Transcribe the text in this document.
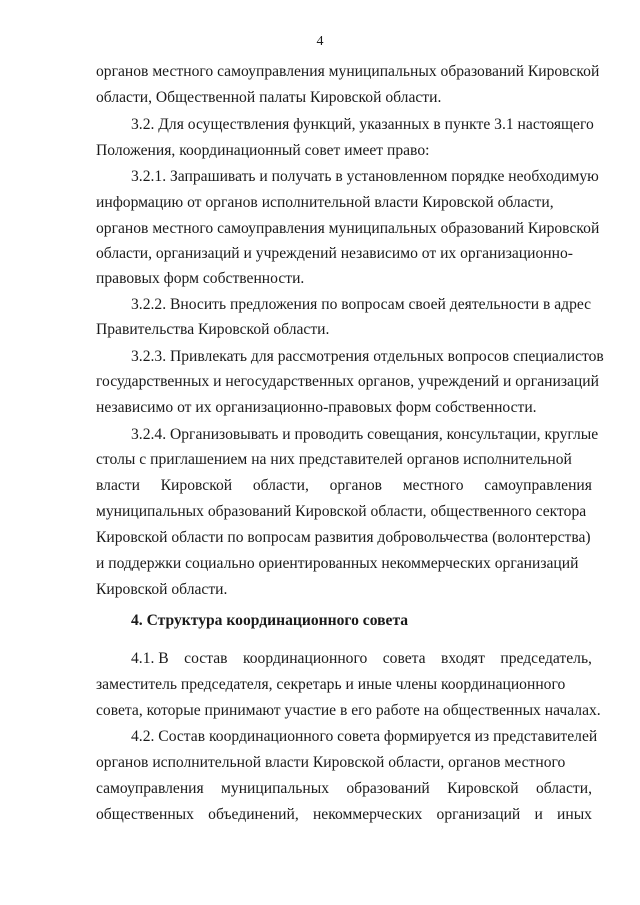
4
органов местного самоуправления муниципальных образований Кировской
области, Общественной палаты Кировской области.
3.2. Для осуществления функций, указанных в пункте 3.1 настоящего
Положения, координационный совет имеет право:
3.2.1. Запрашивать и получать в установленном порядке необходимую
информацию от органов исполнительной власти Кировской области,
органов местного самоуправления муниципальных образований Кировской
области, организаций и учреждений независимо от их организационно-
правовых форм собственности.
3.2.2. Вносить предложения по вопросам своей деятельности в адрес
Правительства Кировской области.
3.2.3. Привлекать для рассмотрения отдельных вопросов специалистов
государственных и негосударственных органов, учреждений и организаций
независимо от их организационно-правовых форм собственности.
3.2.4. Организовывать и проводить совещания, консультации, круглые
столы с приглашением на них представителей органов исполнительной
власти Кировской области, органов местного самоуправления
муниципальных образований Кировской области, общественного сектора
Кировской области по вопросам развития добровольчества (волонтерства)
и поддержки социально ориентированных некоммерческих организаций
Кировской области.
4. Структура координационного совета
4.1. В состав координационного совета входят председатель,
заместитель председателя, секретарь и иные члены координационного
совета, которые принимают участие в его работе на общественных началах.
4.2. Состав координационного совета формируется из представителей
органов исполнительной власти Кировской области, органов местного
самоуправления муниципальных образований Кировской области,
общественных объединений, некоммерческих организаций и иных
